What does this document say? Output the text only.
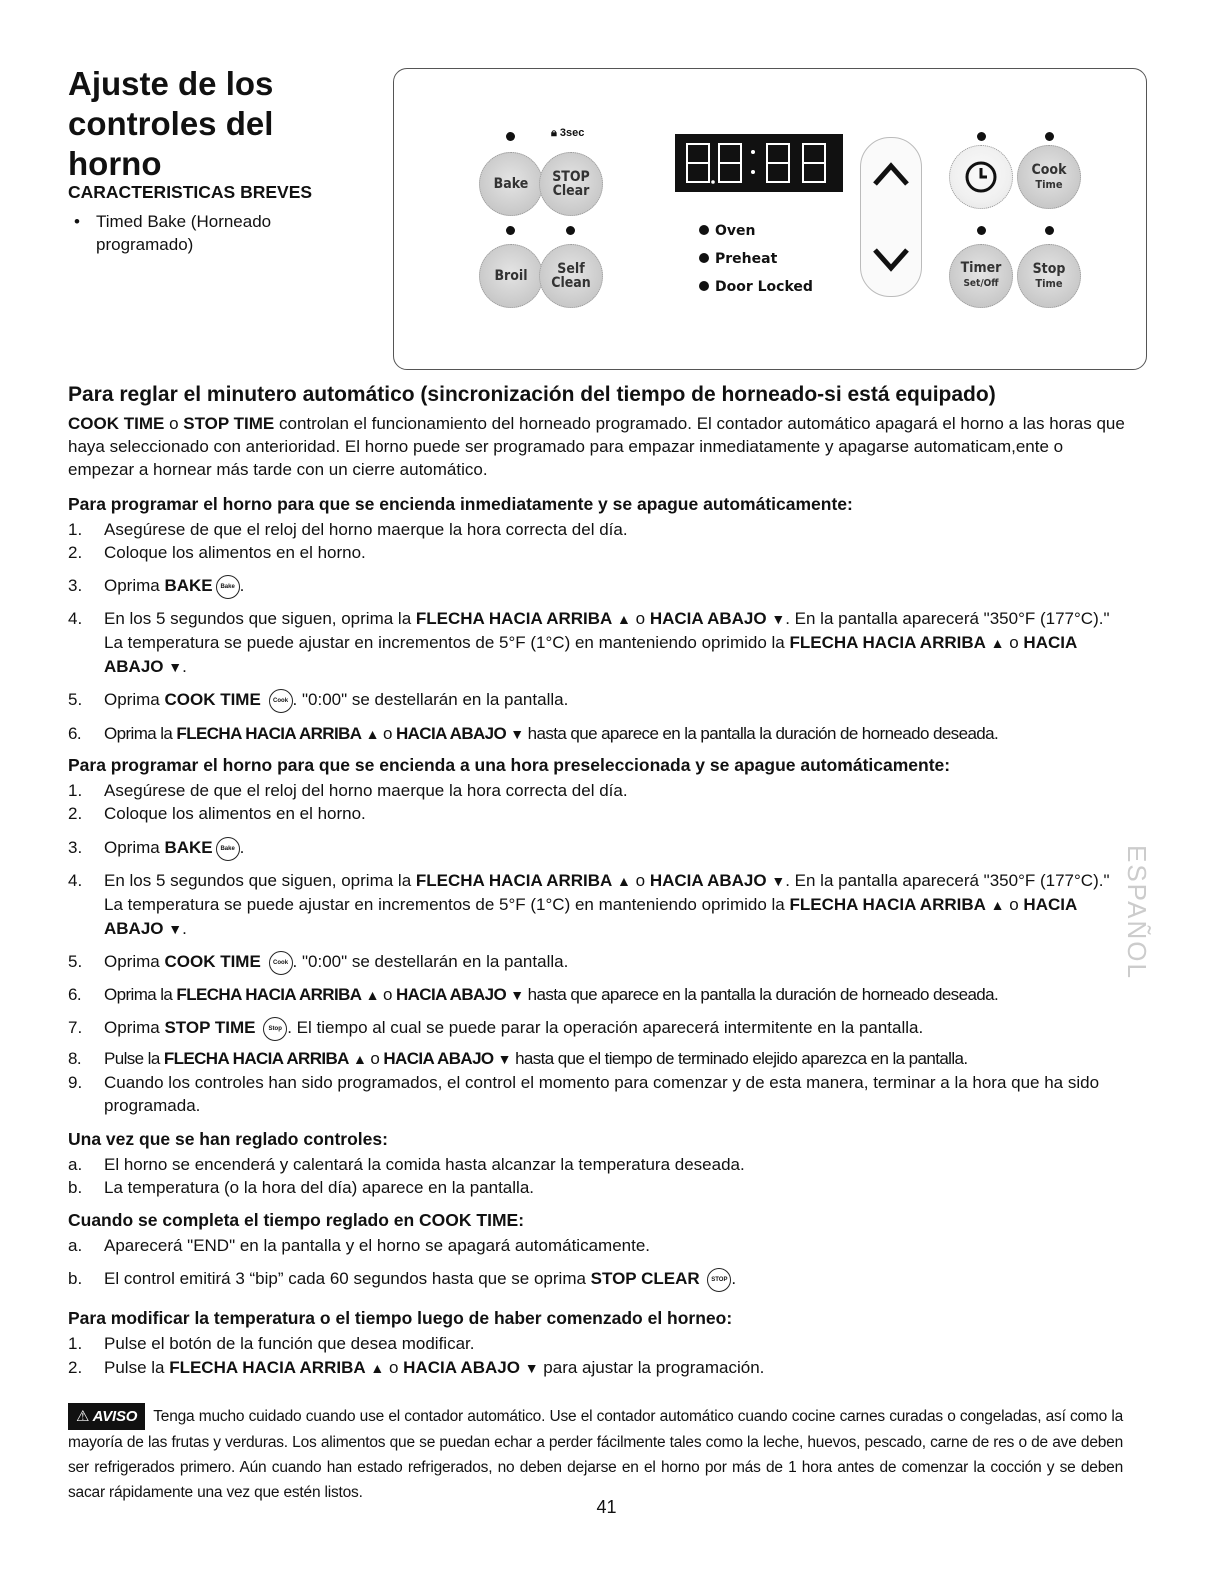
Ajuste de los controles del horno
CARACTERISTICAS BREVES
• Timed Bake (Horneado programado)
🔒︎ 3sec
Bake STOP
Clear
Broil	Self
Clean
Oven
Preheat
Door Locked
Cook
Time
Timer
Set/Off
Stop
Time
Para reglar el minutero automático (sincronización del tiempo de horneado-si está equipado)
COOK TIME o STOP TIME controlan el funcionamiento del horneado programado. El contador automático apagará el horno a las horas que haya seleccionado con anterioridad. El horno puede ser programado para empazar inmediatamente y apagarse automaticam,ente o empezar a hornear más tarde con un cierre automático.
Para programar el horno para que se encienda inmediatamente y se apague automáticamente:
1. Asegúrese de que el reloj del horno maerque la hora correcta del día.
2. Coloque los alimentos en el horno.
3. Oprima BAKE Bake .
4. En los 5 segundos que siguen, oprima la FLECHA HACIA ARRIBA ▲ o HACIA ABAJO ▼. En la pantalla aparecerá "350°F (177°C)." La temperatura se puede ajustar en incrementos de 5°F (1°C) en manteniendo oprimido la FLECHA HACIA ARRIBA ▲ o HACIA ABAJO ▼.
5. Oprima COOK TIME Cook . "0:00" se destellarán en la pantalla.
6. Oprima la FLECHA HACIA ARRIBA ▲ o HACIA ABAJO ▼ hasta que aparece en la pantalla la duración de horneado deseada.
Para programar el horno para que se encienda a una hora preseleccionada y se apague automáticamente:
1. Asegúrese de que el reloj del horno maerque la hora correcta del día.
2. Coloque los alimentos en el horno.
3. Oprima BAKE Bake .
4. En los 5 segundos que siguen, oprima la FLECHA HACIA ARRIBA ▲ o HACIA ABAJO ▼. En la pantalla aparecerá "350°F (177°C)." La temperatura se puede ajustar en incrementos de 5°F (1°C) en manteniendo oprimido la FLECHA HACIA ARRIBA ▲ o HACIA ABAJO ▼.
5. Oprima COOK TIME Cook . "0:00" se destellarán en la pantalla.
6. Oprima la FLECHA HACIA ARRIBA ▲ o HACIA ABAJO ▼ hasta que aparece en la pantalla la duración de horneado deseada.
7. Oprima STOP TIME Stop . El tiempo al cual se puede parar la operación aparecerá intermitente en la pantalla.
8. Pulse la FLECHA HACIA ARRIBA ▲ o HACIA ABAJO ▼ hasta que el tiempo de terminado elejido aparezca en la pantalla.
9. Cuando los controles han sido programados, el control el momento para comenzar y de esta manera, terminar a la hora que ha sido programada.
Una vez que se han reglado controles:
a. El horno se encenderá y calentará la comida hasta alcanzar la temperatura deseada.
b. La temperatura (o la hora del día) aparece en la pantalla.
Cuando se completa el tiempo reglado en COOK TIME:
a. Aparecerá "END" en la pantalla y el horno se apagará automáticamente.
b. El control emitirá 3 “bip” cada 60 segundos hasta que se oprima STOP CLEAR STOP .
Para modificar la temperatura o el tiempo luego de haber comenzado el horneo:
1. Pulse el botón de la función que desea modificar.
2. Pulse la FLECHA HACIA ARRIBA ▲ o HACIA ABAJO ▼ para ajustar la programación.
⚠ AVISO Tenga mucho cuidado cuando use el contador automático. Use el contador automático cuando cocine carnes curadas o congeladas, así como la mayoría de las frutas y verduras. Los alimentos que se puedan echar a perder fácilmente tales como la leche, huevos, pescado, carne de res o de ave deben ser refrigerados primero. Aún cuando han estado refrigerados, no deben dejarse en el horno por más de 1 hora antes de comenzar la cocción y se deben sacar rápidamente una vez que estén listos.
41
ESPAÑOL
